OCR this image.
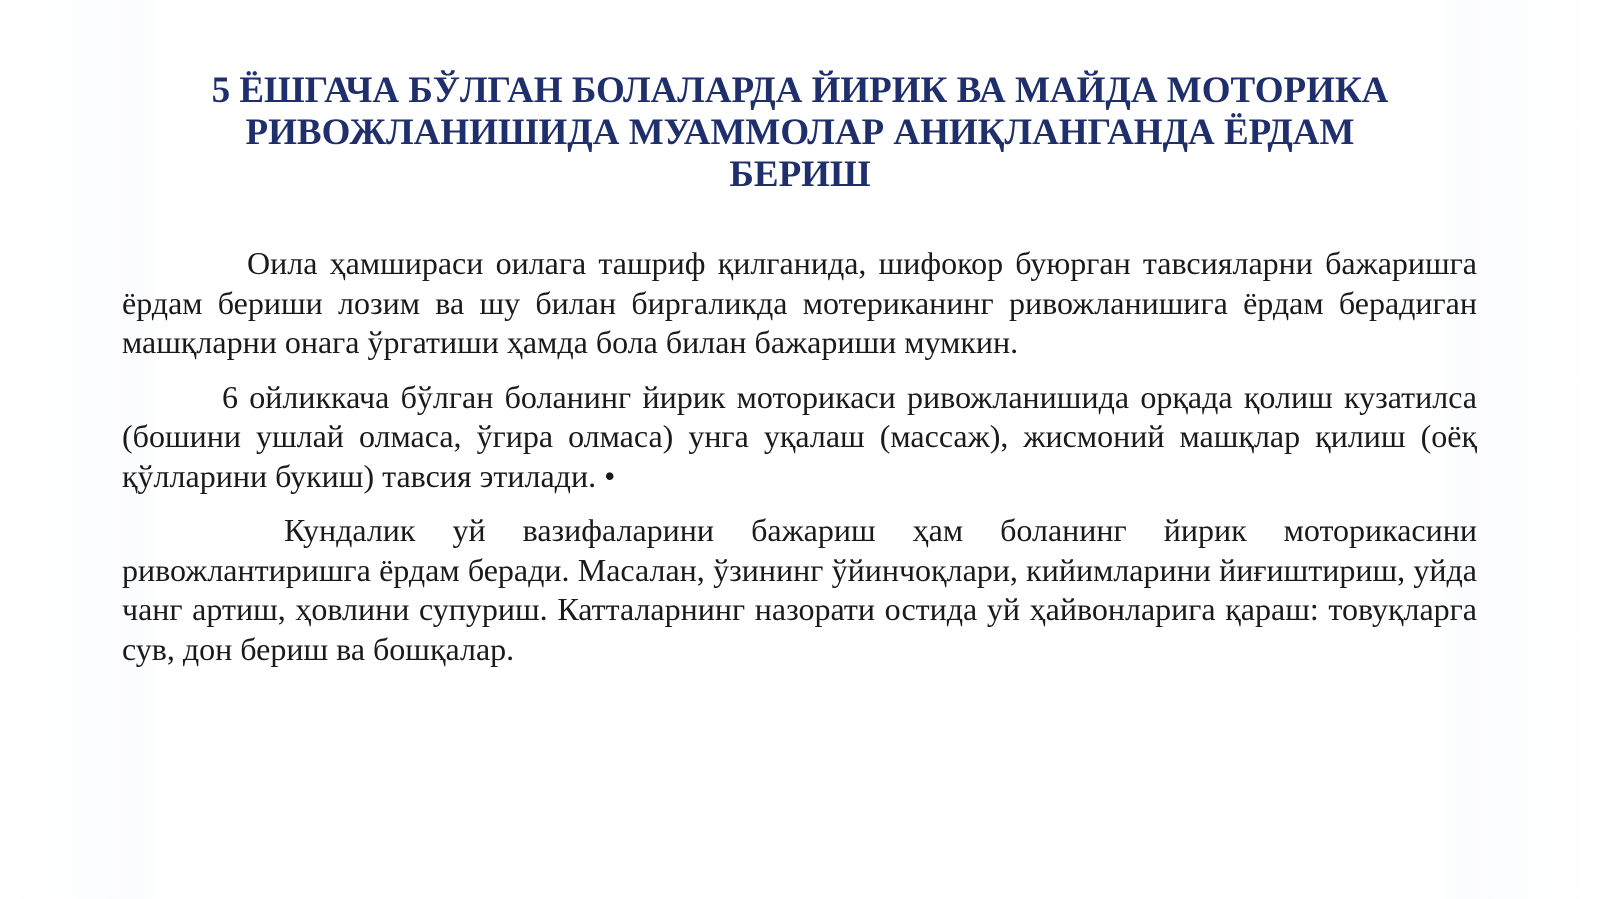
5 ЁШГАЧА БЎЛГАН БОЛАЛАРДА ЙИРИК ВА МАЙДА МОТОРИКА
РИВОЖЛАНИШИДА МУАММОЛАР АНИҚЛАНГАНДА ЁРДАМ
БЕРИШ

Оила ҳамшираси оилага ташриф қилганида, шифокор буюрган тавсияларни бажаришга ёрдам бериши лозим ва шу билан биргаликда мотериканинг ривожланишига ёрдам берадиган машқларни онага ўргатиши ҳамда бола билан бажариши мумкин.

6 ойликкача бўлган боланинг йирик моторикаси ривожланишида орқада қолиш кузатилса (бошини ушлай олмаса, ўгира олмаса) унга уқалаш (массаж), жисмоний машқлар қилиш (оёқ қўлларини букиш) тавсия этилади. •

Кундалик уй вазифаларини бажариш ҳам боланинг йирик моторикасини ривожлантиришга ёрдам беради. Масалан, ўзининг ўйинчоқлари, кийимларини йиғиштириш, уйда чанг артиш, ҳовлини супуриш. Катталарнинг назорати остида уй ҳайвонларига қараш: товуқларга сув, дон бериш ва бошқалар.
